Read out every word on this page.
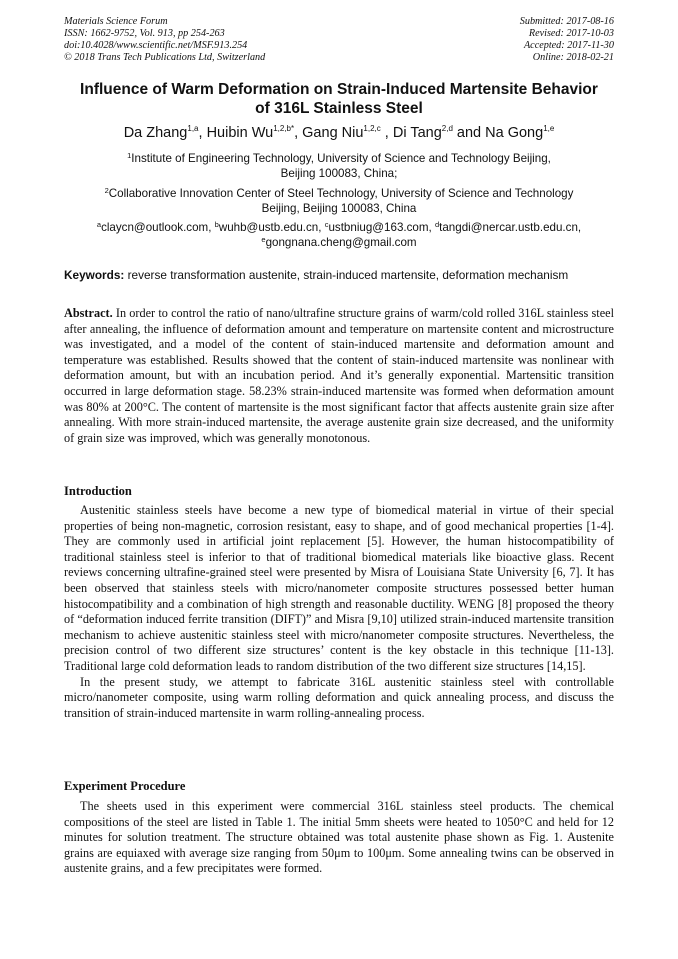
Materials Science Forum
ISSN: 1662-9752, Vol. 913, pp 254-263
doi:10.4028/www.scientific.net/MSF.913.254
© 2018 Trans Tech Publications Ltd, Switzerland
Submitted: 2017-08-16
Revised: 2017-10-03
Accepted: 2017-11-30
Online: 2018-02-21
Influence of Warm Deformation on Strain-Induced Martensite Behavior
of 316L Stainless Steel
Da Zhang$^{1,a}$, Huibin $Wu^{1,2,b*}$, Gang Niu$^{1,2,c}$ , Di Tang$^{2,d}$ and Na Gong$^{1,e}$
$^1$Institute of Engineering Technology, University of Science and Technology Beijing,
Beijing 100083, China;
$^2$Collaborative Innovation Center of Steel Technology, University of Science and Technology
Beijing, Beijing 100083, China
$^a$claycn@outlook.com, $^b$wuhb@ustb.edu.cn, $^c$ustbniug@163.com, $^d$tangdi@nercar.ustb.edu.cn,
$^e$gongnana.cheng@gmail.com
Keywords: reverse transformation austenite, strain-induced martensite, deformation mechanism
Abstract. In order to control the ratio of nano/ultrafine structure grains of warm/cold rolled 316L stainless steel after annealing, the influence of deformation amount and temperature on martensite content and microstructure was investigated, and a model of the content of stain-induced martensite and deformation amount and temperature was established. Results showed that the content of stain-induced martensite was nonlinear with deformation amount, but with an incubation period. And it’s generally exponential. Martensitic transition occurred in large deformation stage. 58.23% strain-induced martensite was formed when deformation amount was 80% at 200°C. The content of martensite is the most significant factor that affects austenite grain size after annealing. With more strain-induced martensite, the average austenite grain size decreased, and the uniformity of grain size was improved, which was generally monotonous.
Introduction

Austenitic stainless steels have become a new type of biomedical material in virtue of their special properties of being non-magnetic, corrosion resistant, easy to shape, and of good mechanical properties [1-4]. They are commonly used in artificial joint replacement [5]. However, the human histocompatibility of traditional stainless steel is inferior to that of traditional biomedical materials like bioactive glass. Recent reviews concerning ultrafine-grained steel were presented by Misra of Louisiana State University [6, 7]. It has been observed that stainless steels with micro/nanometer composite structures possessed better human histocompatibility and a combination of high strength and reasonable ductility. WENG [8] proposed the theory of “deformation induced ferrite transition (DIFT)” and Misra [9,10] utilized strain-induced martensite transition mechanism to achieve austenitic stainless steel with micro/nanometer composite structures. Nevertheless, the precision control of two different size structures’ content is the key obstacle in this technique [11-13]. Traditional large cold deformation leads to random distribution of the two different size structures [14,15].

In the present study, we attempt to fabricate 316L austenitic stainless steel with controllable micro/nanometer composite, using warm rolling deformation and quick annealing process, and discuss the transition of strain-induced martensite in warm rolling-annealing process.

Experiment Procedure

The sheets used in this experiment were commercial 316L stainless steel products. The chemical compositions of the steel are listed in Table 1. The initial 5mm sheets were heated to 1050°C and held for 12 minutes for solution treatment. The structure obtained was total austenite phase shown as Fig. 1. Austenite grains are equiaxed with average size ranging from 50μm to 100μm. Some annealing twins can be observed in austenite grains, and a few precipitates were formed.
